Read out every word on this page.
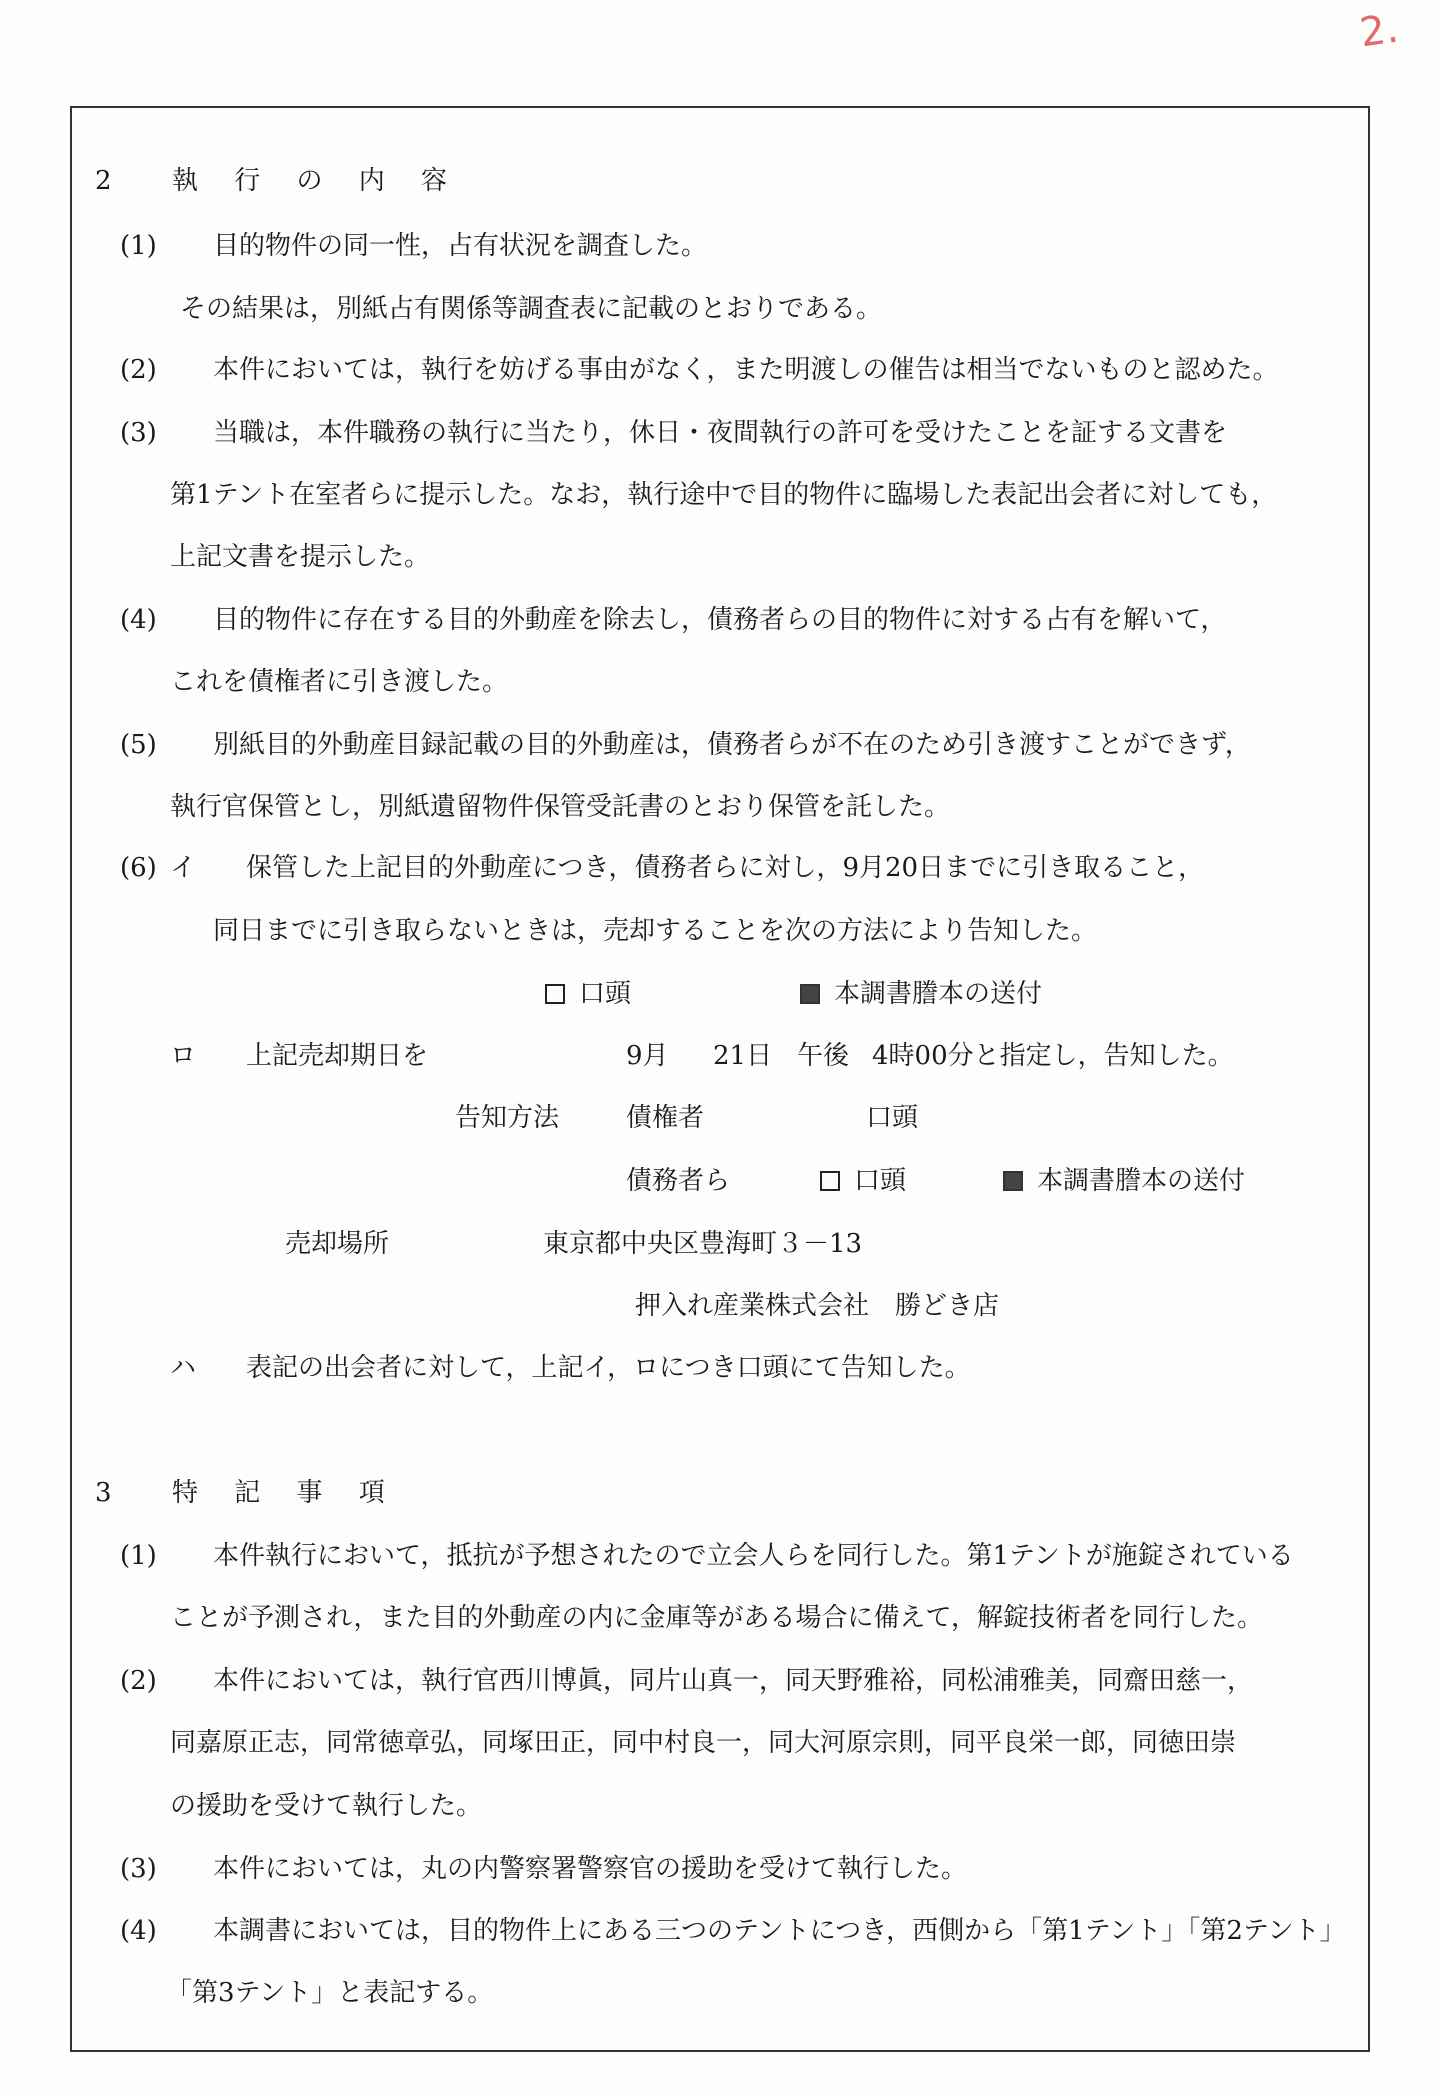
2.
2 執 行 の 内 容
(1) 目的物件の同一性，占有状況を調査した。
その結果は，別紙占有関係等調査表に記載のとおりである。
(2) 本件においては，執行を妨げる事由がなく，また明渡しの催告は相当でないものと認めた。
(3) 当職は，本件職務の執行に当たり，休日・夜間執行の許可を受けたことを証する文書を
第1テント在室者らに提示した。なお，執行途中で目的物件に臨場した表記出会者に対しても，
上記文書を提示した。
(4) 目的物件に存在する目的外動産を除去し，債務者らの目的物件に対する占有を解いて，
これを債権者に引き渡した。
(5) 別紙目的外動産目録記載の目的外動産は，債務者らが不在のため引き渡すことができず，
執行官保管とし，別紙遺留物件保管受託書のとおり保管を託した。
(6) イ 保管した上記目的外動産につき，債務者らに対し，9月20日までに引き取ること，
同日までに引き取らないときは，売却することを次の方法により告知した。
口頭	本調書謄本の送付
ロ 上記売却期日を	9月 21日 午後 4時00分と指定し，告知した。
告知方法	債権者	口頭
債務者ら	口頭	本調書謄本の送付
売却場所	東京都中央区豊海町３－13
押入れ産業株式会社　勝どき店
ハ 表記の出会者に対して，上記イ，ロにつき口頭にて告知した。
3 特 記 事 項
(1) 本件執行において，抵抗が予想されたので立会人らを同行した。第1テントが施錠されている
ことが予測され，また目的外動産の内に金庫等がある場合に備えて，解錠技術者を同行した。
(2) 本件においては，執行官西川博眞，同片山真一，同天野雅裕，同松浦雅美，同齋田慈一，
同嘉原正志，同常徳章弘，同塚田正，同中村良一，同大河原宗則，同平良栄一郎，同徳田崇
の援助を受けて執行した。
(3) 本件においては，丸の内警察署警察官の援助を受けて執行した。
(4) 本調書においては，目的物件上にある三つのテントにつき，西側から「第1テント」「第2テント」
「第3テント」と表記する。
